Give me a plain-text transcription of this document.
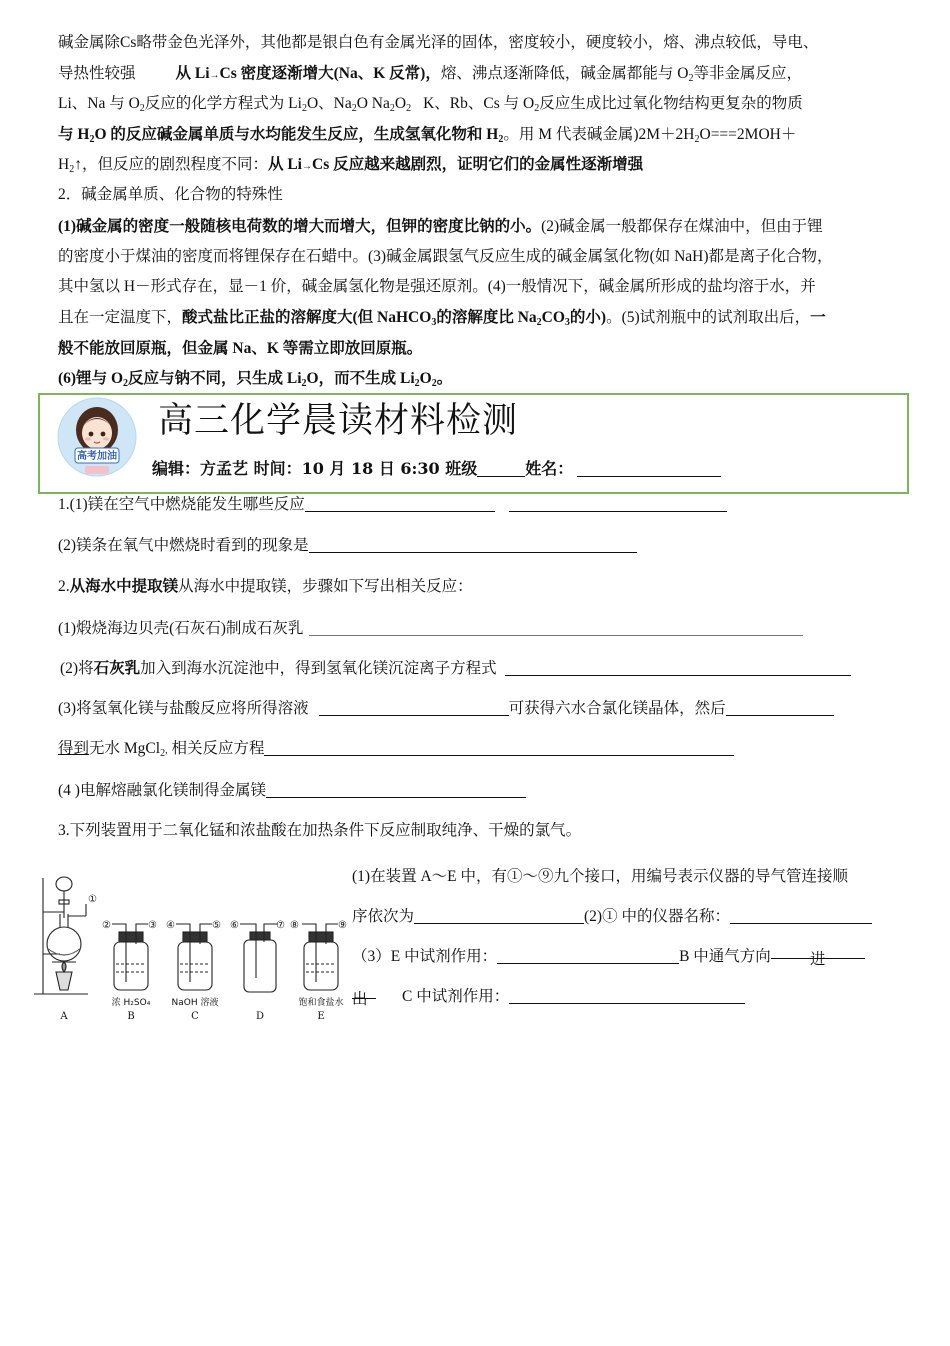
碱金属除Cs略带金色光泽外，其他都是银白色有金属光泽的固体，密度较小，硬度较小，熔、沸点较低，导电、
导热性较强	从 Li→Cs 密度逐渐增大(Na、K 反常)，熔、沸点逐渐降低，碱金属都能与 $O_2$等非金属反应，
Li、Na 与 $O_2$反应的化学方程式为 $Li_2O$、$Na_2O$ $Na_2O_2$ K、Rb、Cs 与 $O_2$反应生成比过氧化物结构更复杂的物质
与 $H_2O$ 的反应碱金属单质与水均能发生反应，生成氢氧化物和 $H_2$。用 M 代表碱金属)$2M+2H_2O===2MOH+$
$H_2↑$，但反应的剧烈程度不同：从 Li→Cs 反应越来越剧烈，证明它们的金属性逐渐增强
2．碱金属单质、化合物的特殊性
(1)碱金属的密度一般随核电荷数的增大而增大，但钾的密度比钠的小。(2)碱金属一般都保存在煤油中，但由于锂
的密度小于煤油的密度而将锂保存在石蜡中。(3)碱金属跟氢气反应生成的碱金属氢化物(如 NaH)都是离子化合物，
其中氢以 H－形式存在，显－1 价，碱金属氢化物是强还原剂。(4)一般情况下，碱金属所形成的盐均溶于水，并
且在一定温度下，酸式盐比正盐的溶解度大(但 NaHCO$_3$的溶解度比 $Na_2CO_3$的小)。(5)试剂瓶中的试剂取出后，一
般不能放回原瓶，但金属 Na、K 等需立即放回原瓶。
(6)锂与 $O_2$反应与钠不同，只生成 $Li_2O$，而不生成 $Li_2O_2$。
高考加油
高三化学晨读材料检测
编辑：方孟艺 时间：10 月 18 日 6:30 班级	姓名：
1.(1)镁在空气中燃烧能发生哪些反应
(2)镁条在氧气中燃烧时看到的现象是
2.从海水中提取镁从海水中提取镁，步骤如下写出相关反应：
(1)煅烧海边贝壳(石灰石)制成石灰乳
(2)将石灰乳加入到海水沉淀池中，得到氢氧化镁沉淀离子方程式
(3)将氢氧化镁与盐酸反应将所得溶液	可获得六水合氯化镁晶体，然后
得到无水 MgCl$_2$, 相关反应方程
(4 )电解熔融氯化镁制得金属镁
3.下列装置用于二氧化锰和浓盐酸在加热条件下反应制取纯净、干燥的氯气。
①
②	③ ④	⑤ ⑥	⑦ ⑧	⑨
浓 H₂SO₄ NaOH 溶液	饱和食盐水
A	B	C	D	E
(1)在装置 A～E 中，有①～⑨九个接口，用编号表示仪器的导气管连接顺
序依次为	(2)① 中的仪器名称：
（3）E 中试剂作用：	B 中通气方向	进
出 C 中试剂作用：
